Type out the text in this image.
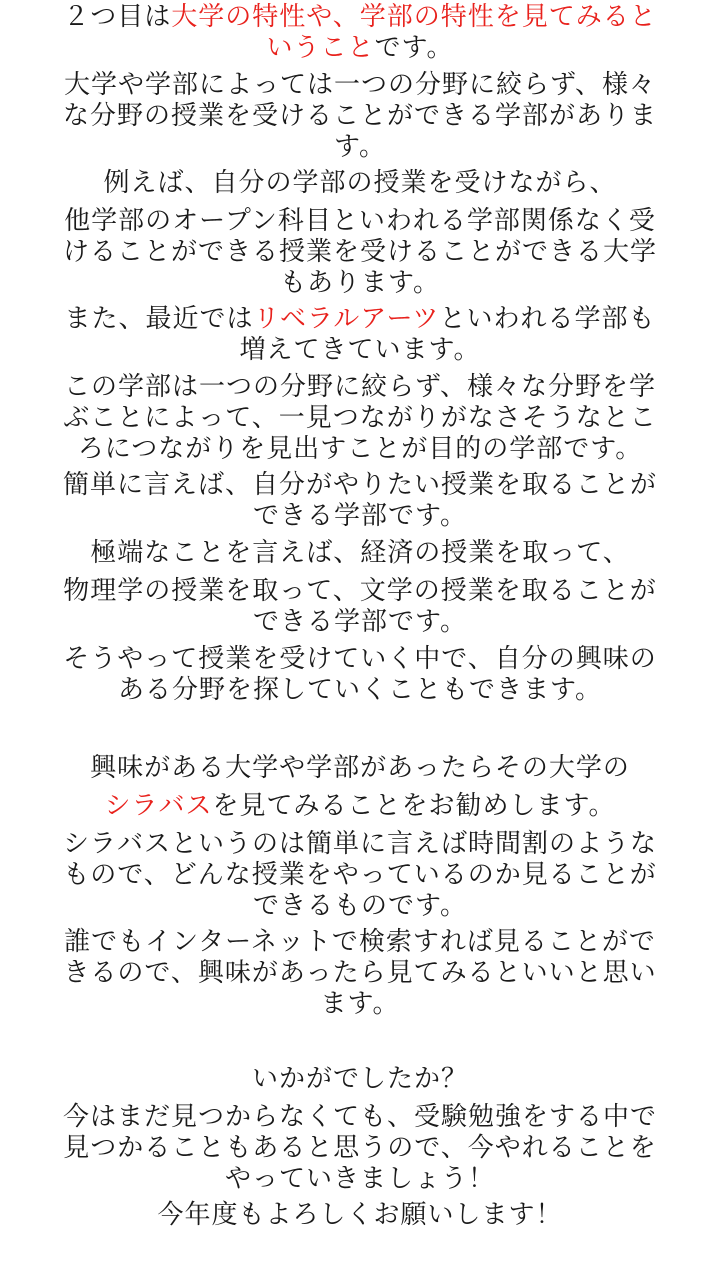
２つ目は大学の特性や、学部の特性を見てみると
いうことです。

大学や学部によっては一つの分野に絞らず、様々
な分野の授業を受けることができる学部がありま
す。

例えば、自分の学部の授業を受けながら、

他学部のオープン科目といわれる学部関係なく受
けることができる授業を受けることができる大学
もあります。

また、最近ではリベラルアーツといわれる学部も
増えてきています。

この学部は一つの分野に絞らず、様々な分野を学
ぶことによって、一見つながりがなさそうなとこ
ろにつながりを見出すことが目的の学部です。

簡単に言えば、自分がやりたい授業を取ることが
できる学部です。

極端なことを言えば、経済の授業を取って、

物理学の授業を取って、文学の授業を取ることが
できる学部です。

そうやって授業を受けていく中で、自分の興味の
ある分野を探していくこともできます。

興味がある大学や学部があったらその大学の

シラバスを見てみることをお勧めします。

シラバスというのは簡単に言えば時間割のような
もので、どんな授業をやっているのか見ることが
できるものです。

誰でもインターネットで検索すれば見ることがで
きるので、興味があったら見てみるといいと思い
ます。

いかがでしたか？

今はまだ見つからなくても、受験勉強をする中で
見つかることもあると思うので、今やれることを
やっていきましょう！

今年度もよろしくお願いします！
